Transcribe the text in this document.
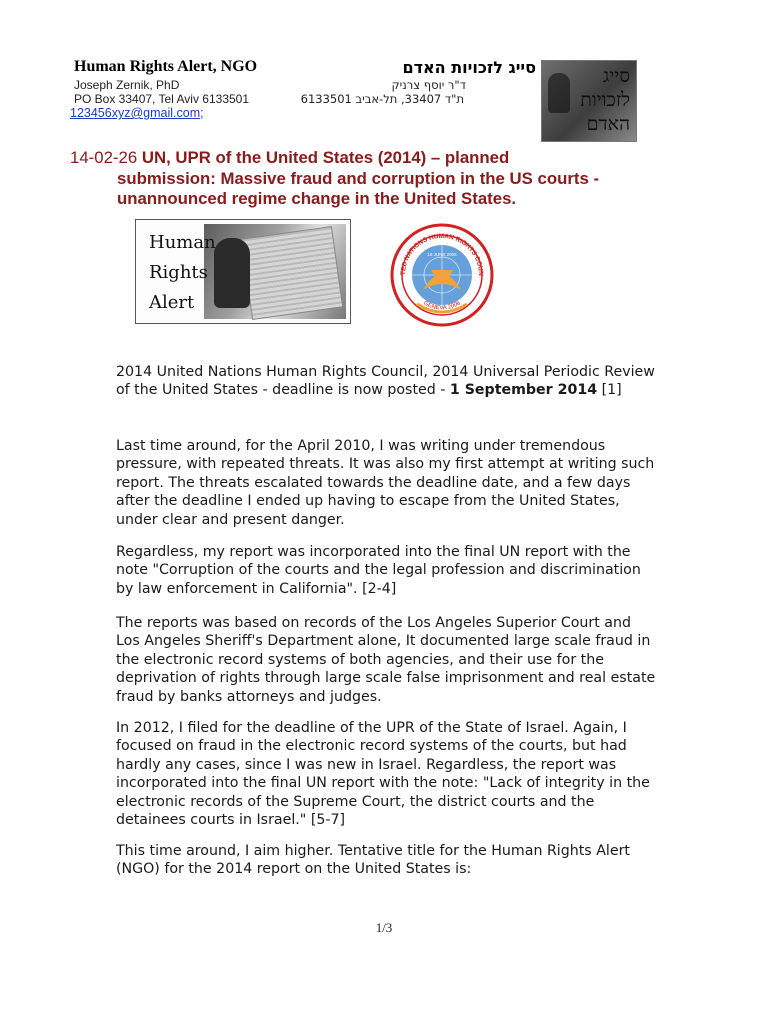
Human Rights Alert, NGO	סייג לזכויות האדם
Joseph Zernik, PhD	ד"ר יוסף צרניק
PO Box 33407, Tel Aviv 6133501	ת"ד 33407, תל-אביב 6133501
123456xyz@gmail.com;
סייג
לזכויות
האדם
14-02-26 UN, UPR of the United States (2014) – planned
submission: Massive fraud and corruption in the US courts -
unannounced regime change in the United States.
Human
Rights
Alert
TED NATIONS HUMAN RIGHTS COUN
GENEVA 2006
19 JUNE 2006

2014 United Nations Human Rights Council, 2014 Universal Periodic Review of the United States - deadline is now posted - 1 September 2014 [1]

Last time around, for the April 2010, I was writing under tremendous pressure, with repeated threats. It was also my first attempt at writing such report. The threats escalated towards the deadline date, and a few days after the deadline I ended up having to escape from the United States, under clear and present danger.

Regardless, my report was incorporated into the final UN report with the note "Corruption of the courts and the legal profession and discrimination by law enforcement in California". [2-4]

The reports was based on records of the Los Angeles Superior Court and Los Angeles Sheriff's Department alone, It documented large scale fraud in the electronic record systems of both agencies, and their use for the deprivation of rights through large scale false imprisonment and real estate fraud by banks attorneys and judges.

In 2012, I filed for the deadline of the UPR of the State of Israel. Again, I focused on fraud in the electronic record systems of the courts, but had hardly any cases, since I was new in Israel. Regardless, the report was incorporated into the final UN report with the note: "Lack of integrity in the electronic records of the Supreme Court, the district courts and the detainees courts in Israel." [5-7]

This time around, I aim higher. Tentative title for the Human Rights Alert (NGO) for the 2014 report on the United States is:

1/3
